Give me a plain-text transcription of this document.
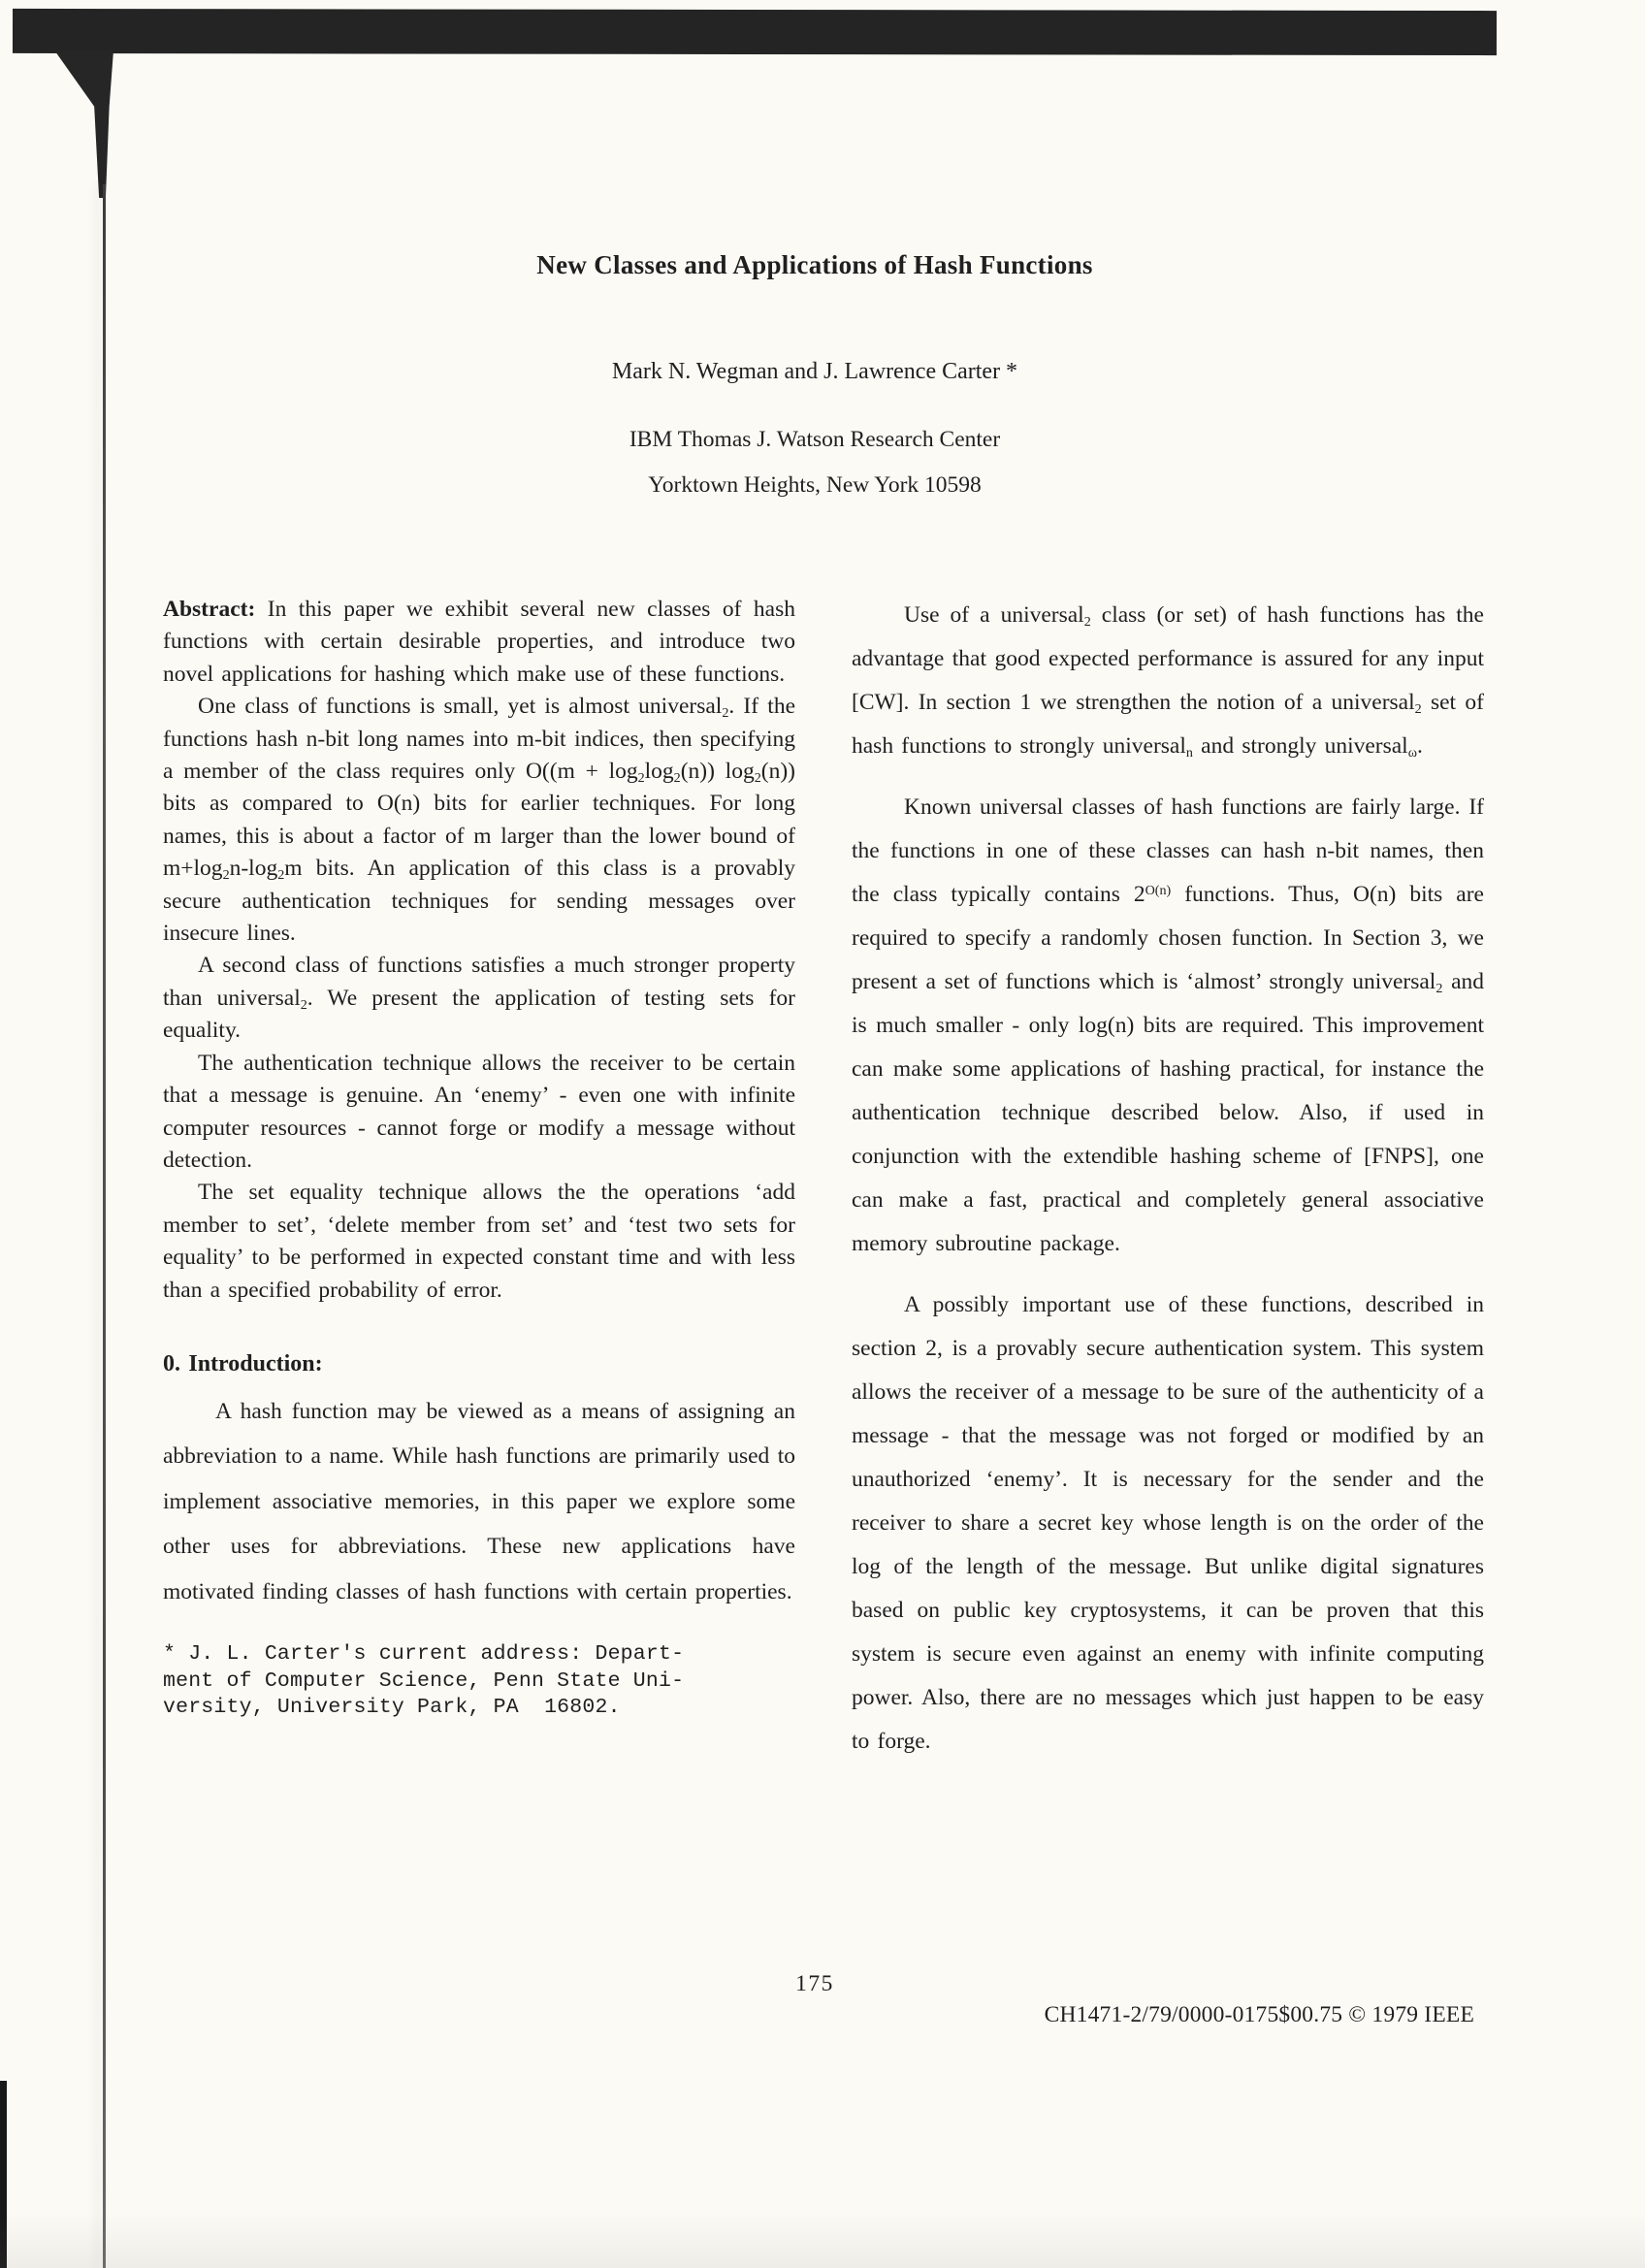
New Classes and Applications of Hash Functions
Mark N. Wegman and J. Lawrence Carter *
IBM Thomas J. Watson Research Center
Yorktown Heights, New York 10598

Abstract: In this paper we exhibit several new classes of hash functions with certain desirable properties, and introduce two novel applications for hashing which make use of these functions.

One class of functions is small, yet is almost universal$_2$. If the functions hash n-bit long names into m-bit indices, then specifying a member of the class requires only $O((m + \log_2\log_2(n))$ $\log_2(n)$) bits as compared to O(n) bits for earlier techniques. For long names, this is about a factor of m larger than the lower bound of $m+\log_2n-\log_2m$ bits. An application of this class is a provably secure authentication techniques for sending messages over insecure lines.

A second class of functions satisfies a much stronger property than universal$_2$. We present the application of testing sets for equality.

The authentication technique allows the receiver to be certain that a message is genuine. An ‘enemy’ - even one with infinite computer resources - cannot forge or modify a message without detection.

The set equality technique allows the the operations ‘add member to set’, ‘delete member from set’ and ‘test two sets for equality’ to be performed in expected constant time and with less than a specified probability of error.

0. Introduction:

A hash function may be viewed as a means of assigning an abbreviation to a name. While hash functions are primarily used to implement associative memories, in this paper we explore some other uses for abbreviations. These new applications have motivated finding classes of hash functions with certain properties.

* J. L. Carter's current address: Depart-
ment of Computer Science, Penn State Uni-
versity, University Park, PA  16802.

Use of a universal$_2$ class (or set) of hash functions has the advantage that good expected performance is assured for any input [CW]. In section 1 we strengthen the notion of a universal$_2$ set of hash functions to strongly universal$_n$ and strongly universal$_\omega$.

Known universal classes of hash functions are fairly large. If the functions in one of these classes can hash n-bit names, then the class typically contains $2^{O(n)}$ functions. Thus, O(n) bits are required to specify a randomly chosen function. In Section 3, we present a set of functions which is ‘almost’ strongly universal$_2$ and is much smaller - only log(n) bits are required. This improvement can make some applications of hashing practical, for instance the authentication technique described below. Also, if used in conjunction with the extendible hashing scheme of [FNPS], one can make a fast, practical and completely general associative memory subroutine package.

A possibly important use of these functions, described in section 2, is a provably secure authentication system. This system allows the receiver of a message to be sure of the authenticity of a message - that the message was not forged or modified by an unauthorized ‘enemy’. It is necessary for the sender and the receiver to share a secret key whose length is on the order of the log of the length of the message. But unlike digital signatures based on public key cryptosystems, it can be proven that this system is secure even against an enemy with infinite computing power. Also, there are no messages which just happen to be easy to forge.

175
CH1471-2/79/0000-0175$00.75 © 1979 IEEE
